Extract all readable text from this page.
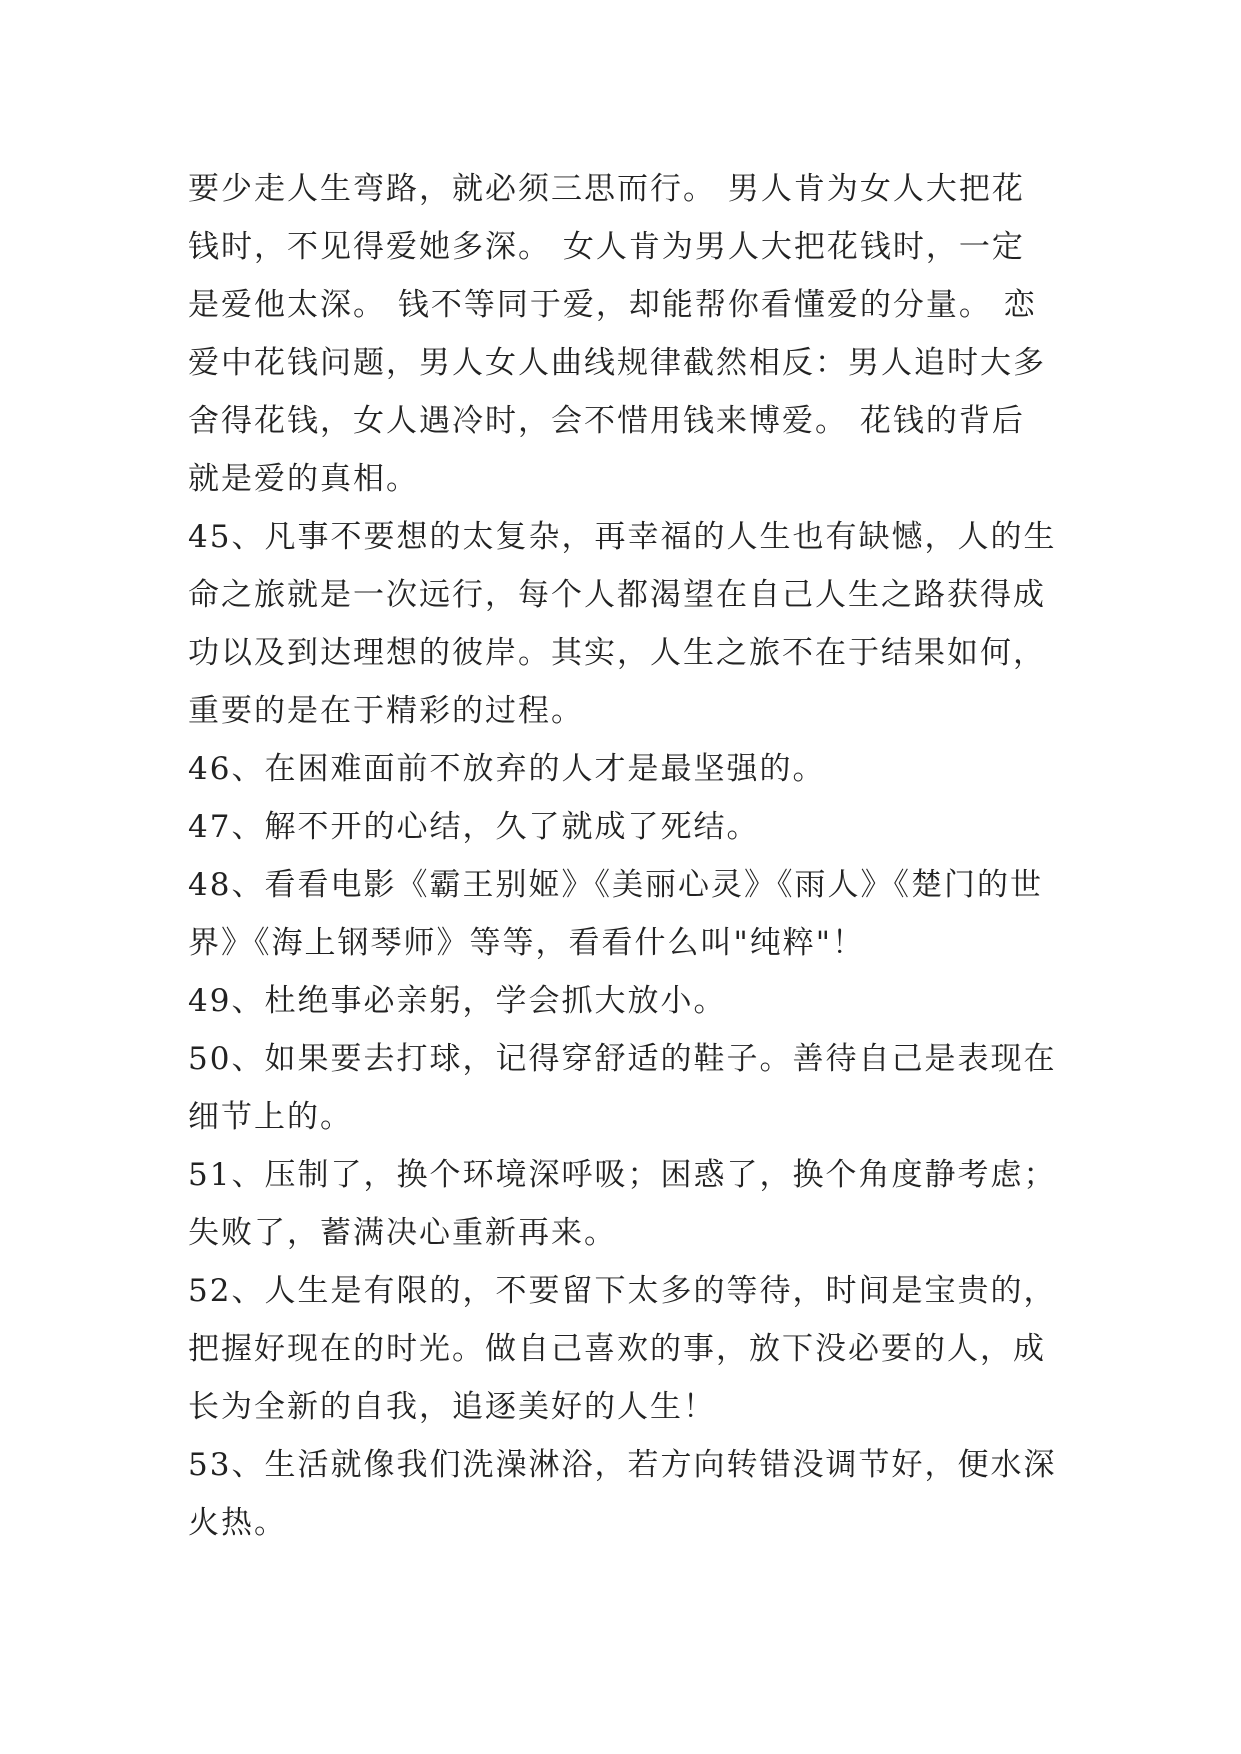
要少走人生弯路，就必须三思而行。 男人肯为女人大把花
钱时，不见得爱她多深。 女人肯为男人大把花钱时，一定
是爱他太深。 钱不等同于爱，却能帮你看懂爱的分量。 恋
爱中花钱问题，男人女人曲线规律截然相反：男人追时大多
舍得花钱，女人遇冷时，会不惜用钱来博爱。 花钱的背后
就是爱的真相。
45、凡事不要想的太复杂，再幸福的人生也有缺憾，人的生
命之旅就是一次远行，每个人都渴望在自己人生之路获得成
功以及到达理想的彼岸。其实，人生之旅不在于结果如何，
重要的是在于精彩的过程。
46、在困难面前不放弃的人才是最坚强的。
47、解不开的心结，久了就成了死结。
48、看看电影《霸王别姬》《美丽心灵》《雨人》《楚门的世
界》《海上钢琴师》等等，看看什么叫"纯粹"！
49、杜绝事必亲躬，学会抓大放小。
50、如果要去打球，记得穿舒适的鞋子。善待自己是表现在
细节上的。
51、压制了，换个环境深呼吸；困惑了，换个角度静考虑；
失败了，蓄满决心重新再来。
52、人生是有限的，不要留下太多的等待，时间是宝贵的，
把握好现在的时光。做自己喜欢的事，放下没必要的人，成
长为全新的自我，追逐美好的人生！
53、生活就像我们洗澡淋浴，若方向转错没调节好，便水深
火热。
